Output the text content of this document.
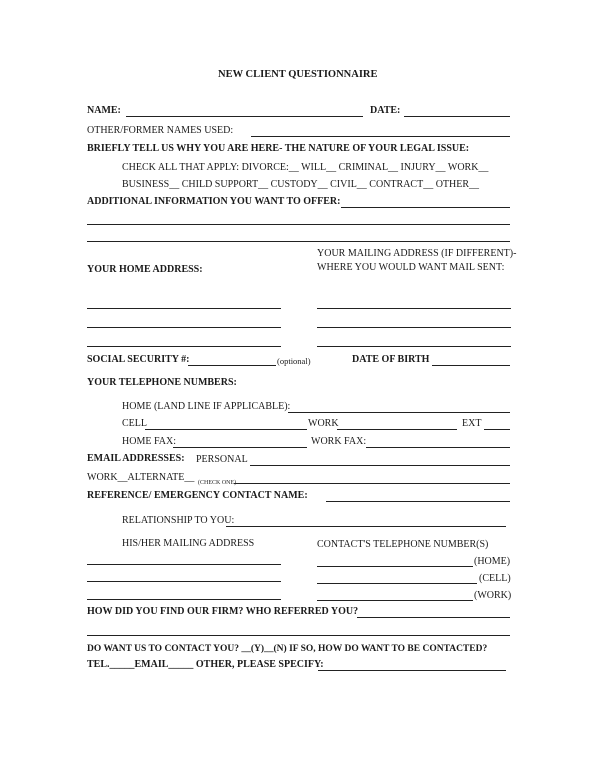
NEW CLIENT QUESTIONNAIRE
NAME:	DATE:
OTHER/FORMER NAMES USED:
BRIEFLY TELL US WHY YOU ARE HERE- THE NATURE OF YOUR LEGAL ISSUE:
CHECK ALL THAT APPLY: DIVORCE:__ WILL__ CRIMINAL__ INJURY__ WORK__
BUSINESS__ CHILD SUPPORT__ CUSTODY__ CIVIL__ CONTRACT__ OTHER__
ADDITIONAL INFORMATION YOU WANT TO OFFER:
YOUR MAILING ADDRESS (IF DIFFERENT)-
WHERE YOU WOULD WANT MAIL SENT:
YOUR HOME ADDRESS:
SOCIAL SECURITY #:	(optional)	DATE OF BIRTH
YOUR TELEPHONE NUMBERS:
HOME (LAND LINE IF APPLICABLE):
CELL	WORK	EXT
HOME FAX:	WORK FAX:
EMAIL ADDRESSES: PERSONAL
WORK__ALTERNATE__ (CHECK ONE)
REFERENCE/ EMERGENCY CONTACT NAME:
RELATIONSHIP TO YOU:
HIS/HER MAILING ADDRESS	CONTACT'S TELEPHONE NUMBER(S)
(HOME)
(CELL)
(WORK)
HOW DID YOU FIND OUR FIRM? WHO REFERRED YOU?
DO WANT US TO CONTACT YOU? __(Y)__(N) IF SO, HOW DO WANT TO BE CONTACTED?
TEL._____EMAIL_____ OTHER, PLEASE SPECIFY:
